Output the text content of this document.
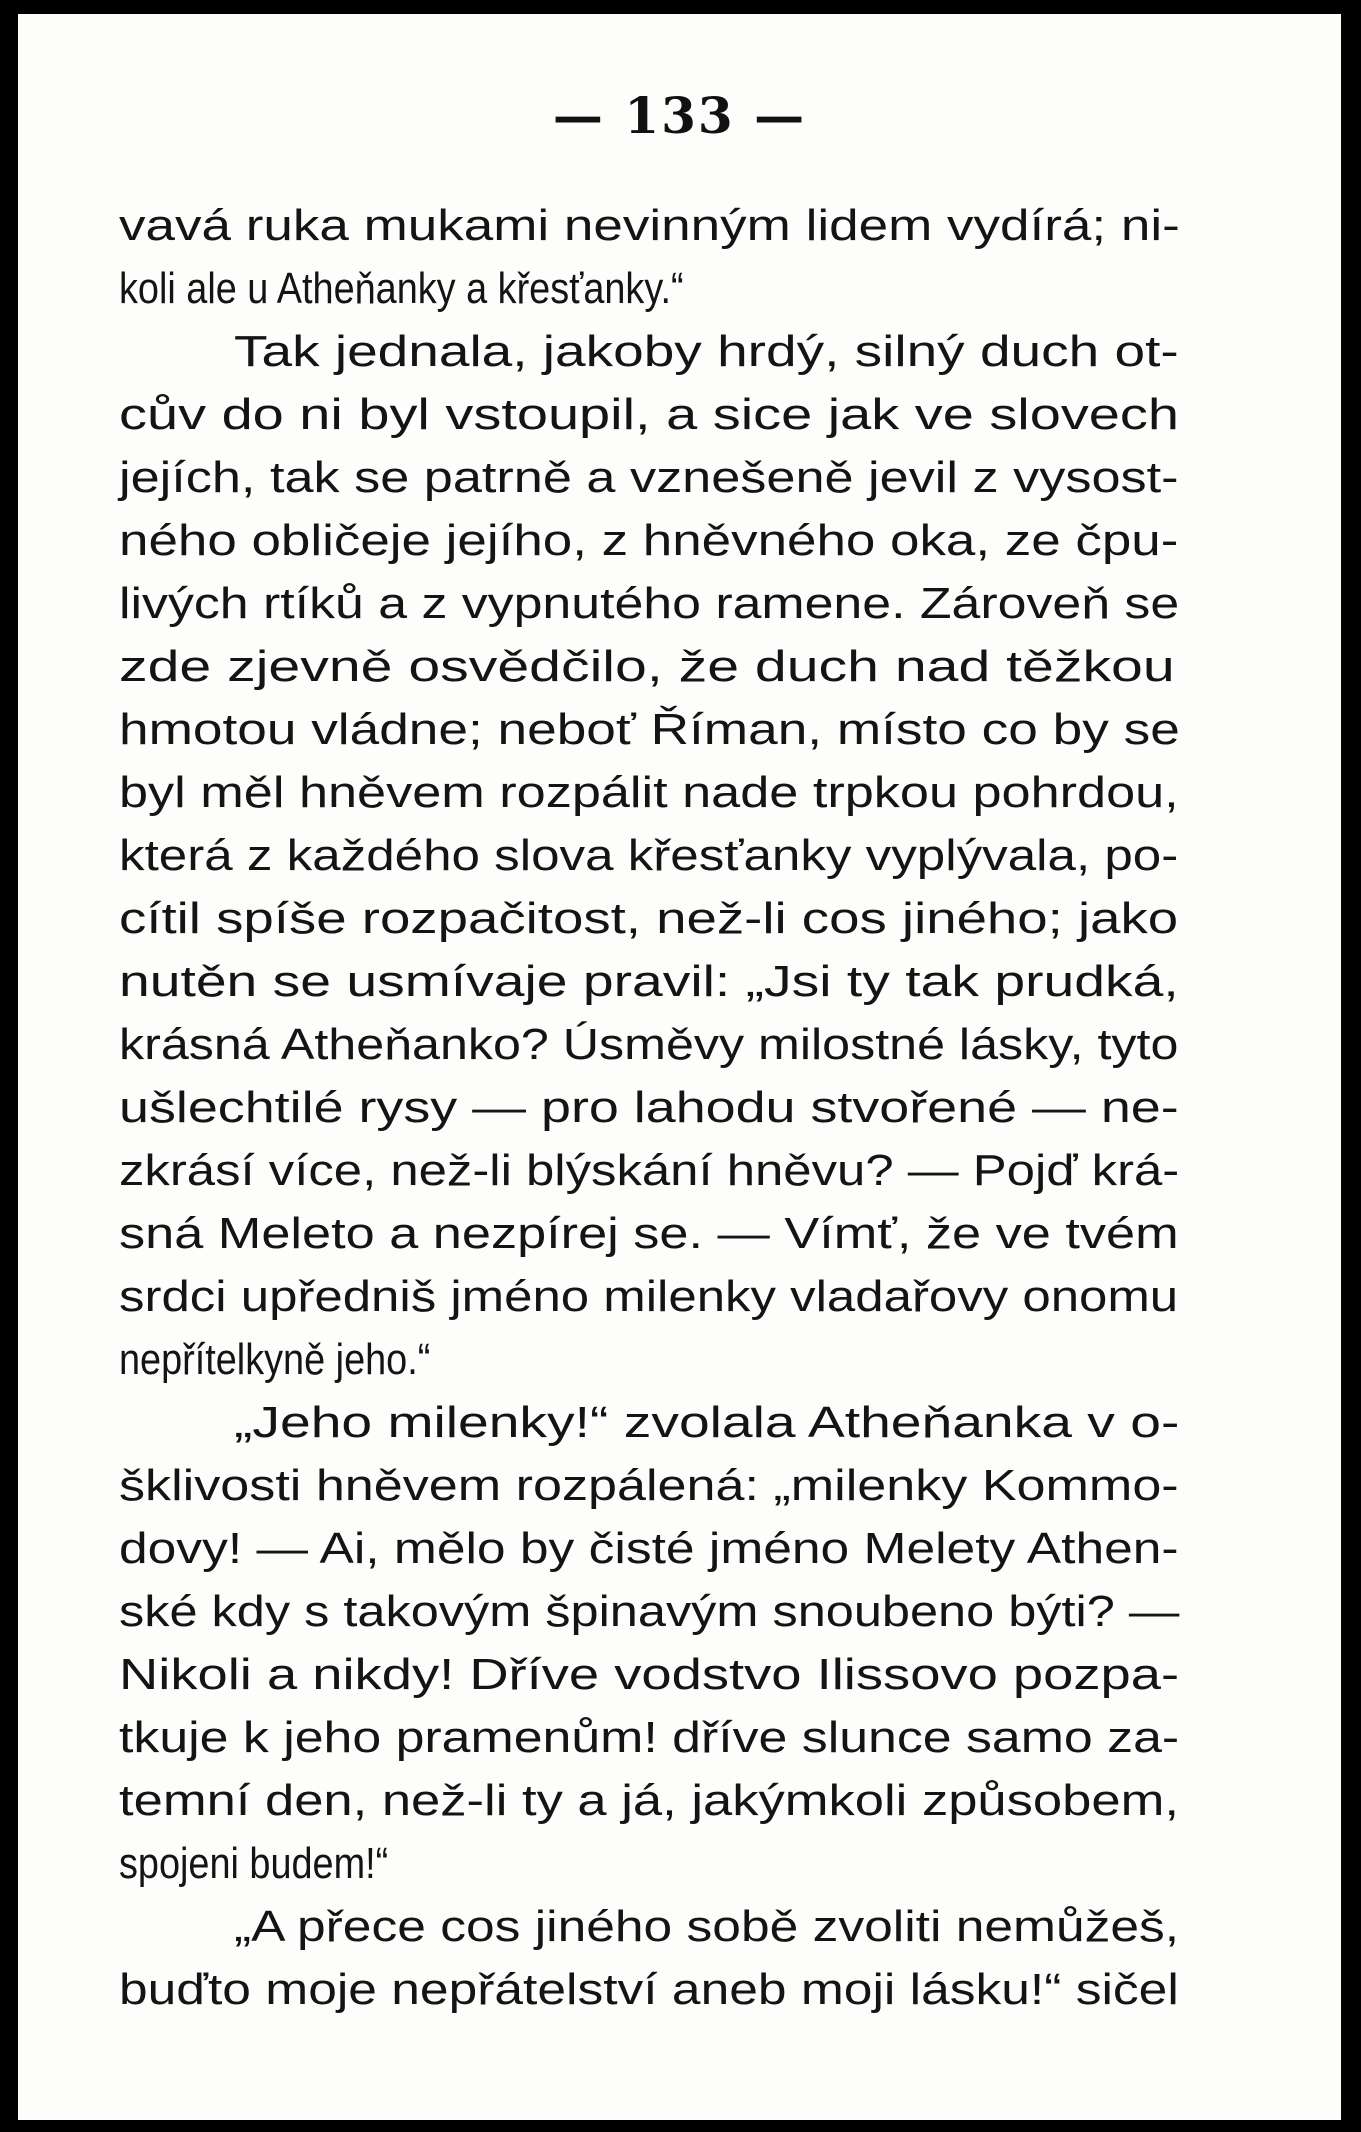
— 133 —
vavá ruka mukami nevinným lidem vydírá; ni-
koli ale u Atheňanky a křesťanky.“
Tak jednala, jakoby hrdý, silný duch ot-
cův do ni byl vstoupil, a sice jak ve slovech
jejích, tak se patrně a vznešeně jevil z vysost-
ného obličeje jejího, z hněvného oka, ze čpu-
livých rtíků a z vypnutého ramene. Zároveň se
zde zjevně osvědčilo, že duch nad těžkou
hmotou vládne; neboť Říman, místo co by se
byl měl hněvem rozpálit nade trpkou pohrdou,
která z každého slova křesťanky vyplývala, po-
cítil spíše rozpačitost, než-li cos jiného; jako
nutěn se usmívaje pravil: „Jsi ty tak prudká,
krásná Atheňanko? Úsměvy milostné lásky, tyto
ušlechtilé rysy — pro lahodu stvořené — ne-
zkrásí více, než-li blýskání hněvu? — Pojď krá-
sná Meleto a nezpírej se. — Vímť, že ve tvém
srdci upředniš jméno milenky vladařovy onomu
nepřítelkyně jeho.“
„Jeho milenky!“ zvolala Atheňanka v o-
šklivosti hněvem rozpálená: „milenky Kommo-
dovy! — Ai, mělo by čisté jméno Melety Athen-
ské kdy s takovým špinavým snoubeno býti? —
Nikoli a nikdy! Dříve vodstvo Ilissovo pozpa-
tkuje k jeho pramenům! dříve slunce samo za-
temní den, než-li ty a já, jakýmkoli způsobem,
spojeni budem!“
„A přece cos jiného sobě zvoliti nemůžeš,
buďto moje nepřátelství aneb moji lásku!“ sičel
